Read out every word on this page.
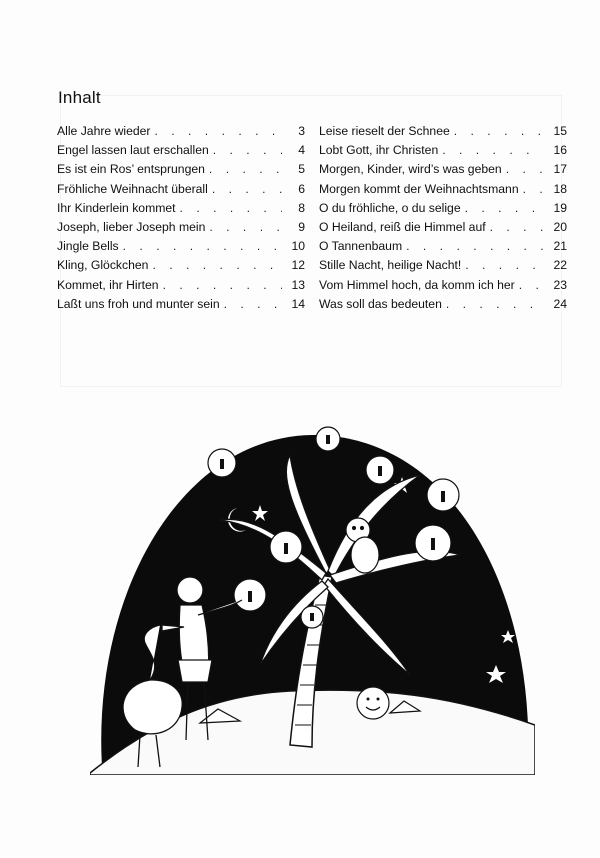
Inhalt
Alle Jahre wieder . . .	3
Engel lassen laut erschallen . . .	4
Es ist ein Ros’ entsprungen . . .	5
Fröhliche Weihnacht überall . . .	6
Ihr Kinderlein kommet . . .	8
Joseph, lieber Joseph mein . . .	9
Jingle Bells . . .	10
Kling, Glöckchen . . .	12
Kommet, ihr Hirten . . .	13
Laßt uns froh und munter sein . . .	14
Leise rieselt der Schnee . . .	15
Lobt Gott, ihr Christen . . .	16
Morgen, Kinder, wird’s was geben . . .	17
Morgen kommt der Weihnachtsmann . . .	18
O du fröhliche, o du selige . . .	19
O Heiland, reiß die Himmel auf . . .	20
O Tannenbaum . . .	21
Stille Nacht, heilige Nacht! . . .	22
Vom Himmel hoch, da komm ich her . . .	23
Was soll das bedeuten . . .	24
